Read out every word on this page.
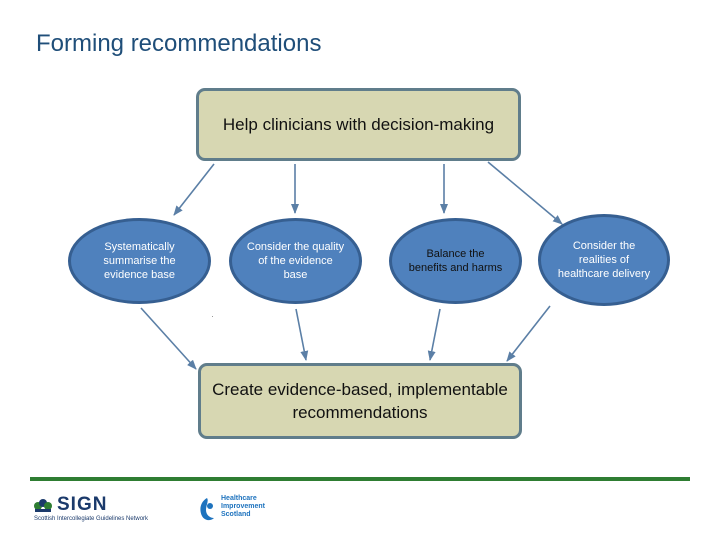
Forming recommendations
Help clinicians with decision-making
Systematically summarise the evidence base
Consider the quality of the evidence base
Balance the benefits and harms
Consider the realities of healthcare delivery
Create evidence-based, implementable recommendations
SIGN
Scottish Intercollegiate Guidelines Network
Healthcare
Improvement
Scotland
